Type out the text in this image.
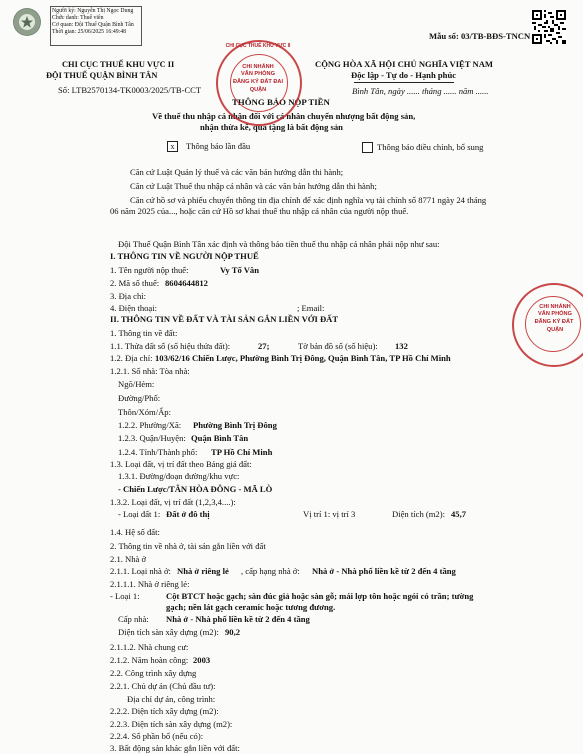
Người ký: Nguyễn Thị Ngọc Dung
Chức danh: Thuế viên
Cơ quan: Đội Thuế Quận Bình Tân
Thời gian: 25/06/2025 16:49:48	Mẫu số: 03/TB-BĐS-TNCN
CHI CỤC THUẾ KHU VỰC II
ĐỘI THUẾ QUẬN BÌNH TÂN
Số: LTB2570134-TK0003/2025/TB-CCT
CỘNG HÒA XÃ HỘI CHỦ NGHĨA VIỆT NAM
Độc lập - Tự do - Hạnh phúc
Bình Tân, ngày ...... tháng ...... năm ......
THÔNG BÁO NỘP TIỀN
Về thuế thu nhập cá nhân đối với cá nhân chuyển nhượng bất động sản,
nhận thừa kế, quà tặng là bất động sản
x	Thông báo lần đầu	Thông báo điều chỉnh, bổ sung
Căn cứ Luật Quản lý thuế và các văn bản hướng dẫn thi hành;
Căn cứ Luật Thuế thu nhập cá nhân và các văn bản hướng dẫn thi hành;
Căn cứ hồ sơ và phiếu chuyển thông tin địa chính để xác định nghĩa vụ tài chính số 8771 ngày 24 tháng
06 năm 2025 của..., hoặc căn cứ Hồ sơ khai thuế thu nhập cá nhân của người nộp thuế.
Đội Thuế Quận Bình Tân xác định và thông báo tiền thuế thu nhập cá nhân phải nộp như sau:
I. THÔNG TIN VỀ NGƯỜI NỘP THUẾ
1. Tên người nộp thuế:	Vy Tố Vân
2. Mã số thuế: 8604644812
3. Địa chỉ:
4. Điện thoại:	; Email:
II. THÔNG TIN VỀ ĐẤT VÀ TÀI SẢN GẮN LIỀN VỚI ĐẤT
1. Thông tin về đất:
1.1. Thửa đất số (số hiệu thửa đất):	27;	Tờ bản đồ số (số hiệu): 132
1.2. Địa chỉ: 103/62/16 Chiến Lược, Phường Bình Trị Đông, Quận Bình Tân, TP Hồ Chí Minh
1.2.1. Số nhà: Tòa nhà:
Ngõ/Hẻm:
Đường/Phố:
Thôn/Xóm/Ấp:
1.2.2. Phường/Xã: Phường Bình Trị Đông
1.2.3. Quận/Huyện: Quận Bình Tân
1.2.4. Tỉnh/Thành phố: TP Hồ Chí Minh
1.3. Loại đất, vị trí đất theo Bảng giá đất:
1.3.1. Đường/đoạn đường/khu vực:
- Chiến Lược/TÂN HÒA ĐÔNG - MÃ LÒ
1.3.2. Loại đất, vị trí đất (1,2,3,4....):
- Loại đất 1: Đất ở đô thị	Vị trí 1: vị trí 3	Diện tích (m2): 45,7
1.4. Hệ số đất:
2. Thông tin về nhà ở, tài sản gắn liền với đất
2.1. Nhà ở
2.1.1. Loại nhà ở: Nhà ở riêng lẻ , cấp hạng nhà ở: Nhà ở - Nhà phố liền kề từ 2 đến 4 tầng
2.1.1.1. Nhà ở riêng lẻ:
- Loại 1:	Cột BTCT hoặc gạch; sàn đúc giả hoặc sàn gỗ; mái lợp tôn hoặc ngói có trần; tường
gạch; nền lát gạch ceramic hoặc tương đương.
Cấp nhà: Nhà ở - Nhà phố liền kề từ 2 đến 4 tầng
Diện tích sàn xây dựng (m2): 90,2
2.1.1.2. Nhà chung cư:
2.1.2. Năm hoàn công: 2003
2.2. Công trình xây dựng
2.2.1. Chủ dự án (Chủ đầu tư):
Địa chỉ dự án, công trình:
2.2.2. Diện tích xây dựng (m2):
2.2.3. Diện tích sàn xây dựng (m2):
2.2.4. Số phần bổ (nếu có):
3. Bất động sản khác gắn liền với đất:
CHI CỤC THUẾ KHU VỰC II
CHI NHÁNH
VĂN PHÒNG
ĐĂNG KÝ ĐẤT ĐAI
QUẬN
CHI NHÁNH
VĂN PHÒNG
ĐĂNG KÝ ĐẤT
QUẬN
